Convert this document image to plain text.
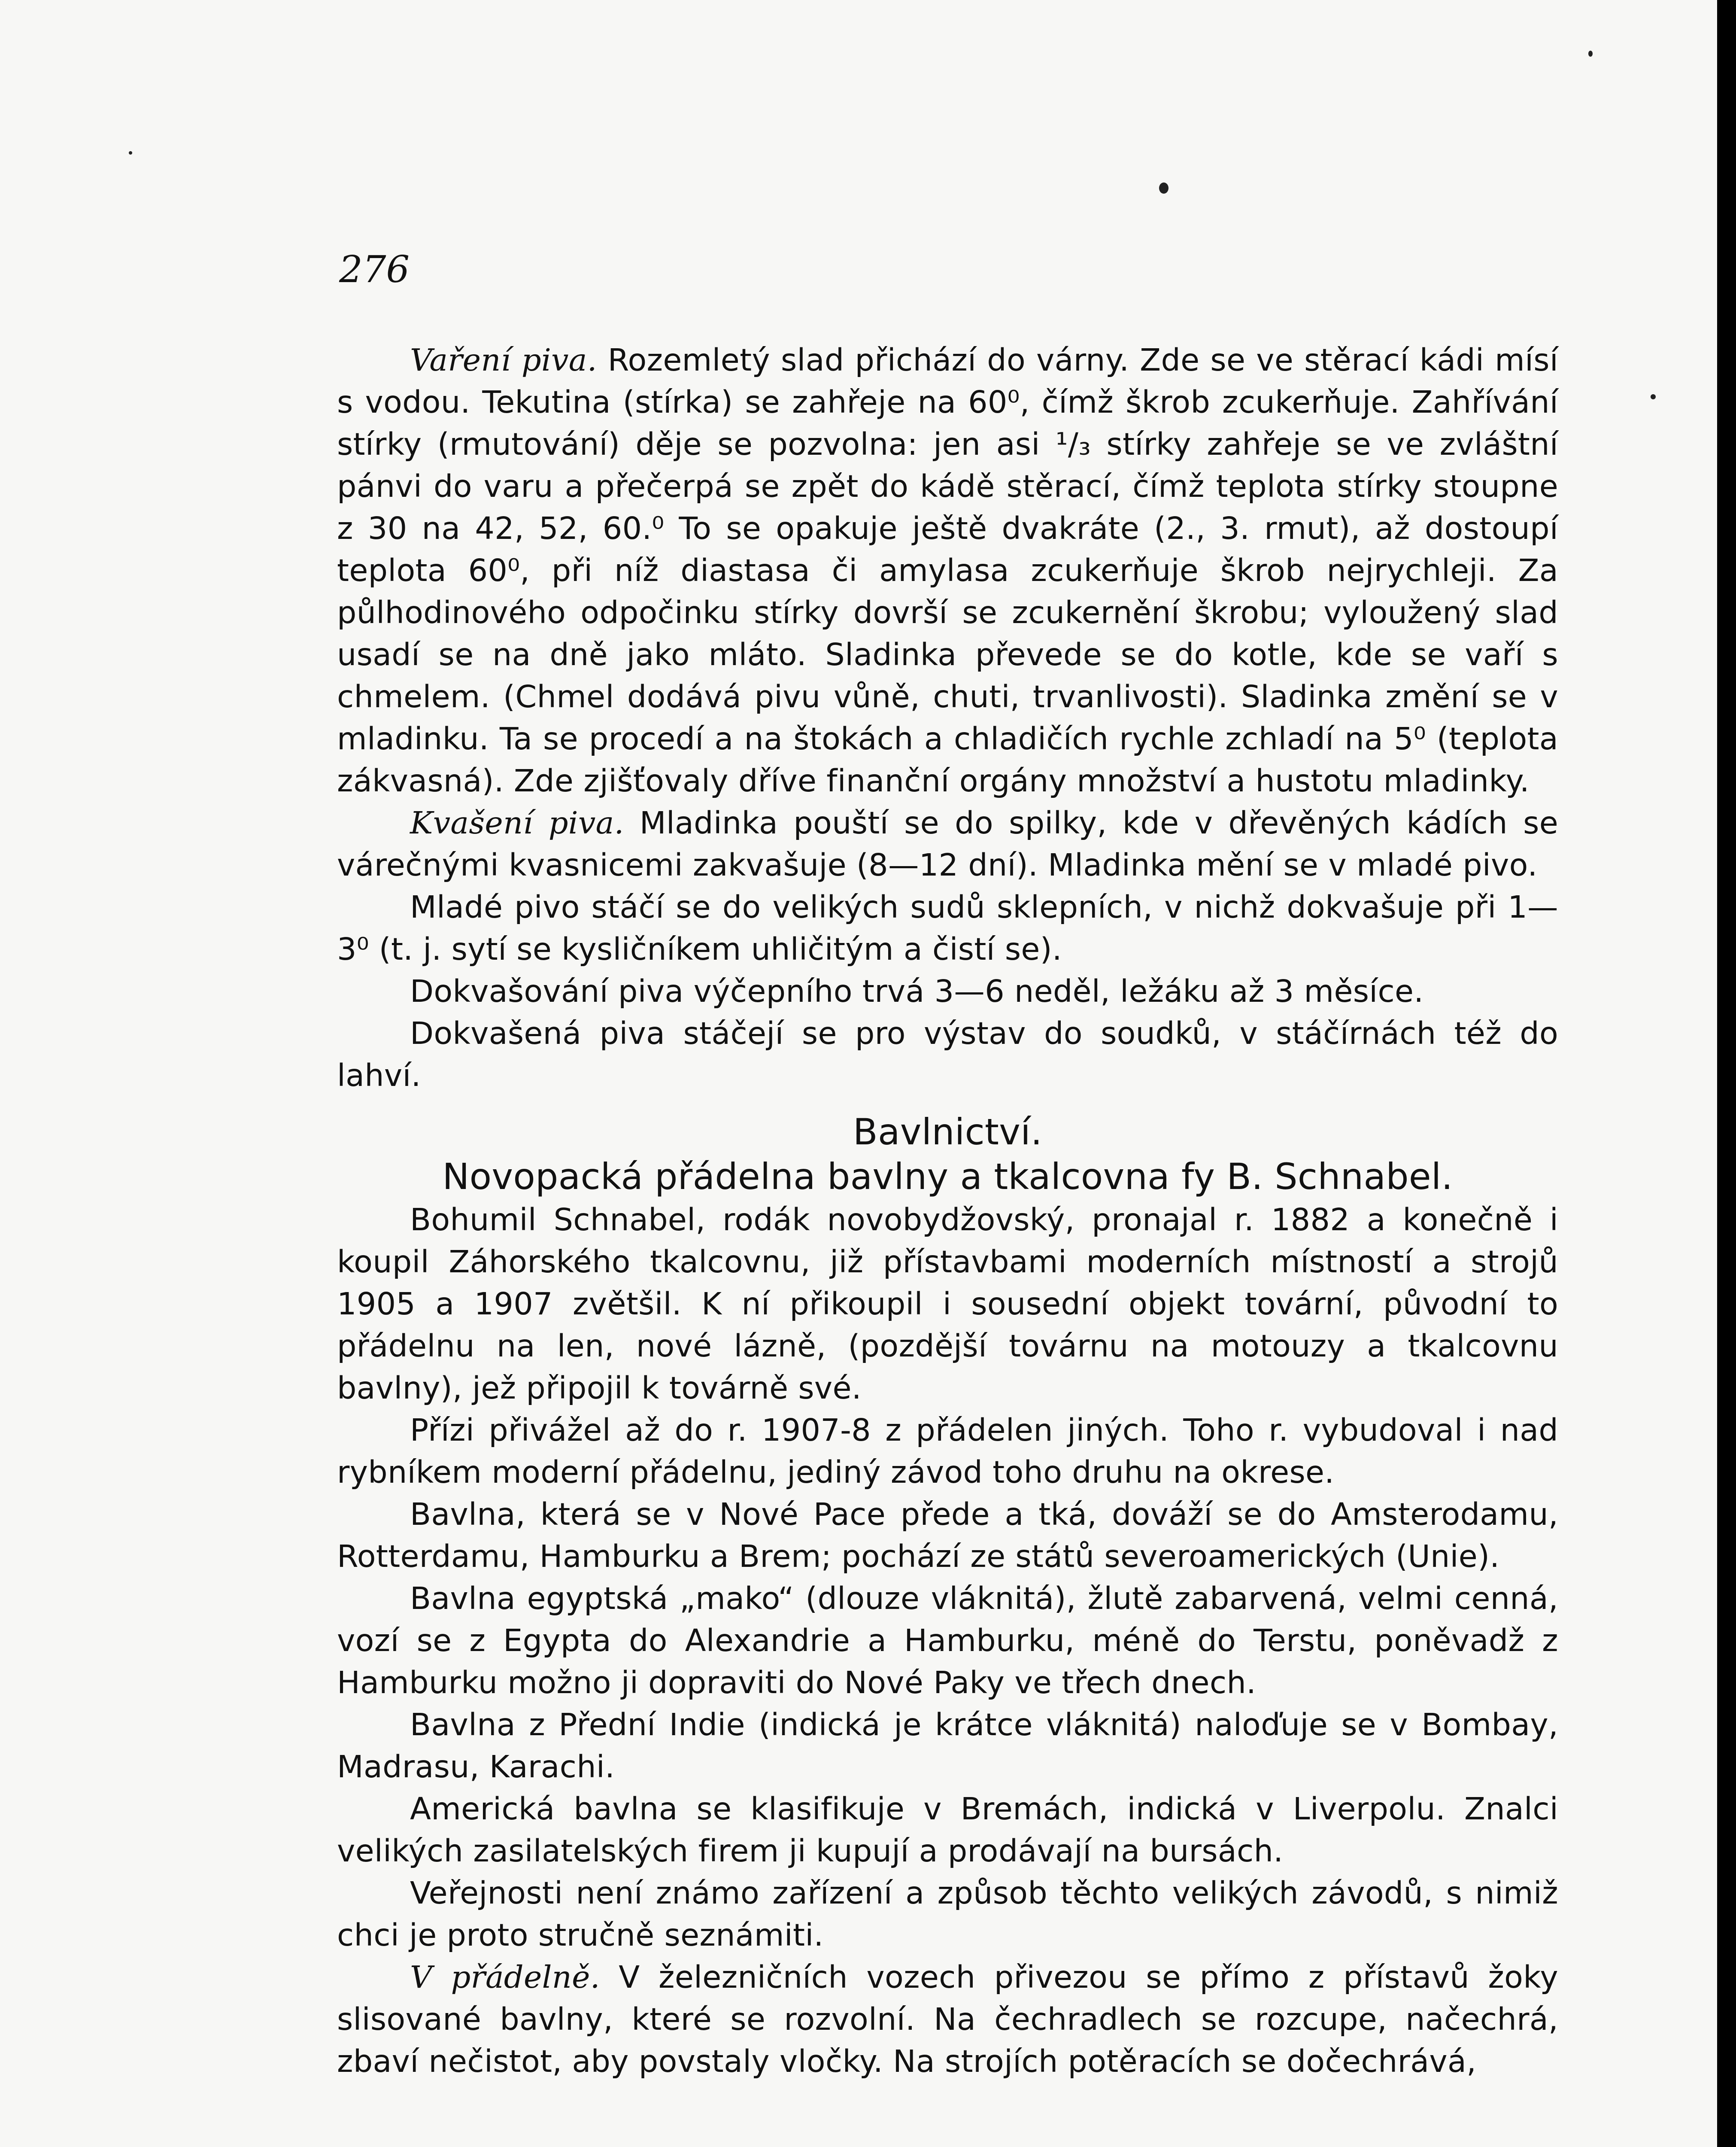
276

Vaření piva. Rozemletý slad přichází do várny. Zde se ve stěrací kádi mísí s vodou. Tekutina (stírka) se zahřeje na 60⁰, čímž škrob zcukerňuje. Zahřívání stírky (rmutování) děje se pozvolna: jen asi ¹/₃ stírky zahřeje se ve zvláštní pánvi do varu a přečerpá se zpět do kádě stěrací, čímž teplota stírky stoupne z 30 na 42, 52, 60.⁰ To se opakuje ještě dvakráte (2., 3. rmut), až dostoupí teplota 60⁰, při níž diastasa či amylasa zcukerňuje škrob nejrychleji. Za půlhodinového odpočinku stírky dovrší se zcukernění škrobu; vyloužený slad usadí se na dně jako mláto. Sladinka převede se do kotle, kde se vaří s chmelem. (Chmel dodává pivu vůně, chuti, trvanlivosti). Sladinka změní se v mladinku. Ta se procedí a na štokách a chladičích rychle zchladí na 5⁰ (teplota zákvasná). Zde zjišťovaly dříve finanční orgány množství a hustotu mladinky.

Kvašení piva. Mladinka pouští se do spilky, kde v dřevěných kádích se várečnými kvasnicemi zakvašuje (8—12 dní). Mladinka mění se v mladé pivo.

Mladé pivo stáčí se do velikých sudů sklepních, v nichž dokvašuje při 1—3⁰ (t. j. sytí se kysličníkem uhličitým a čistí se).

Dokvašování piva výčepního trvá 3—6 neděl, ležáku až 3 měsíce.

Dokvašená piva stáčejí se pro výstav do soudků, v stáčírnách též do lahví.

Bavlnictví.

Novopacká přádelna bavlny a tkalcovna fy B. Schnabel.

Bohumil Schnabel, rodák novobydžovský, pronajal r. 1882 a konečně i koupil Záhorského tkalcovnu, již přístavbami moderních místností a strojů 1905 a 1907 zvětšil. K ní přikoupil i sousední objekt tovární, původní to přádelnu na len, nové lázně, (pozdější továrnu na motouzy a tkalcovnu bavlny), jež připojil k továrně své.

Přízi přivážel až do r. 1907-8 z přádelen jiných. Toho r. vybudoval i nad rybníkem moderní přádelnu, jediný závod toho druhu na okrese.

Bavlna, která se v Nové Pace přede a tká, dováží se do Amsterodamu, Rotterdamu, Hamburku a Brem; pochází ze států severoamerických (Unie).

Bavlna egyptská „mako“ (dlouze vláknitá), žlutě zabarvená, velmi cenná, vozí se z Egypta do Alexandrie a Hamburku, méně do Terstu, poněvadž z Hamburku možno ji dopraviti do Nové Paky ve třech dnech.

Bavlna z Přední Indie (indická je krátce vláknitá) naloďuje se v Bombay, Madrasu, Karachi.

Americká bavlna se klasifikuje v Bremách, indická v Liverpolu. Znalci velikých zasilatelských firem ji kupují a prodávají na bursách.

Veřejnosti není známo zařízení a způsob těchto velikých závodů, s nimiž chci je proto stručně seznámiti.

V přádelně. V železničních vozech přivezou se přímo z přístavů žoky slisované bavlny, které se rozvolní. Na čechradlech se rozcupe, načechrá, zbaví nečistot, aby povstaly vločky. Na strojích potěracích se dočechrává,
